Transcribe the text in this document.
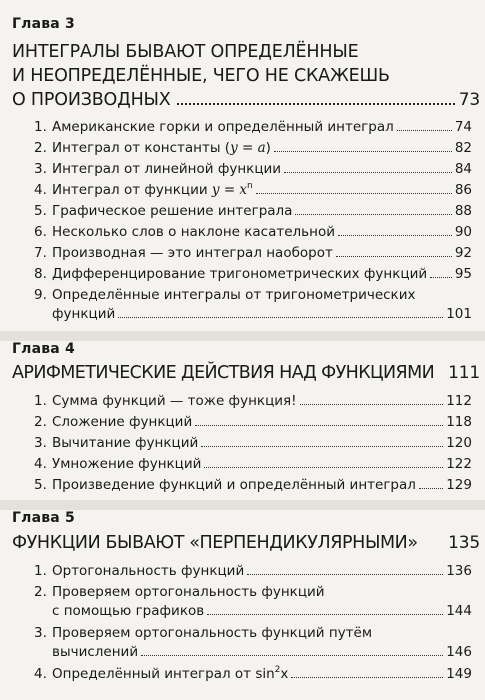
Глава 3
ИНТЕГРАЛЫ БЫВАЮТ ОПРЕДЕЛЁННЫЕ
И НЕОПРЕДЕЛЁННЫЕ, ЧЕГО НЕ СКАЖЕШЬ
О ПРОИЗВОДНЫХ	73
1. Американские горки и определённый интеграл	74
2. Интеграл от константы (y = a)	82
3. Интеграл от линейной функции	84
4. Интеграл от функции $y = x^n$	86
5. Графическое решение интеграла	88
6. Несколько слов о наклоне касательной	90
7. Производная — это интеграл наоборот	92
8. Дифференцирование тригонометрических функций 95
9. Определённые интегралы от тригонометрических
функций	101
Глава 4
АРИФМЕТИЧЕСКИЕ ДЕЙСТВИЯ НАД ФУНКЦИЯМИ 111
1. Сумма функций — тоже функция!	112
2. Сложение функций	118
3. Вычитание функций	120
4. Умножение функций	122
5. Произведение функций и определённый интеграл 129
Глава 5
ФУНКЦИИ БЫВАЮТ «ПЕРПЕНДИКУЛЯРНЫМИ» 135
1. Ортогональность функций	136
2. Проверяем ортогональность функций
с помощью графиков	144
3. Проверяем ортогональность функций путём
вычислений	146
4. Определённый интеграл от $\sin^2x$	149
